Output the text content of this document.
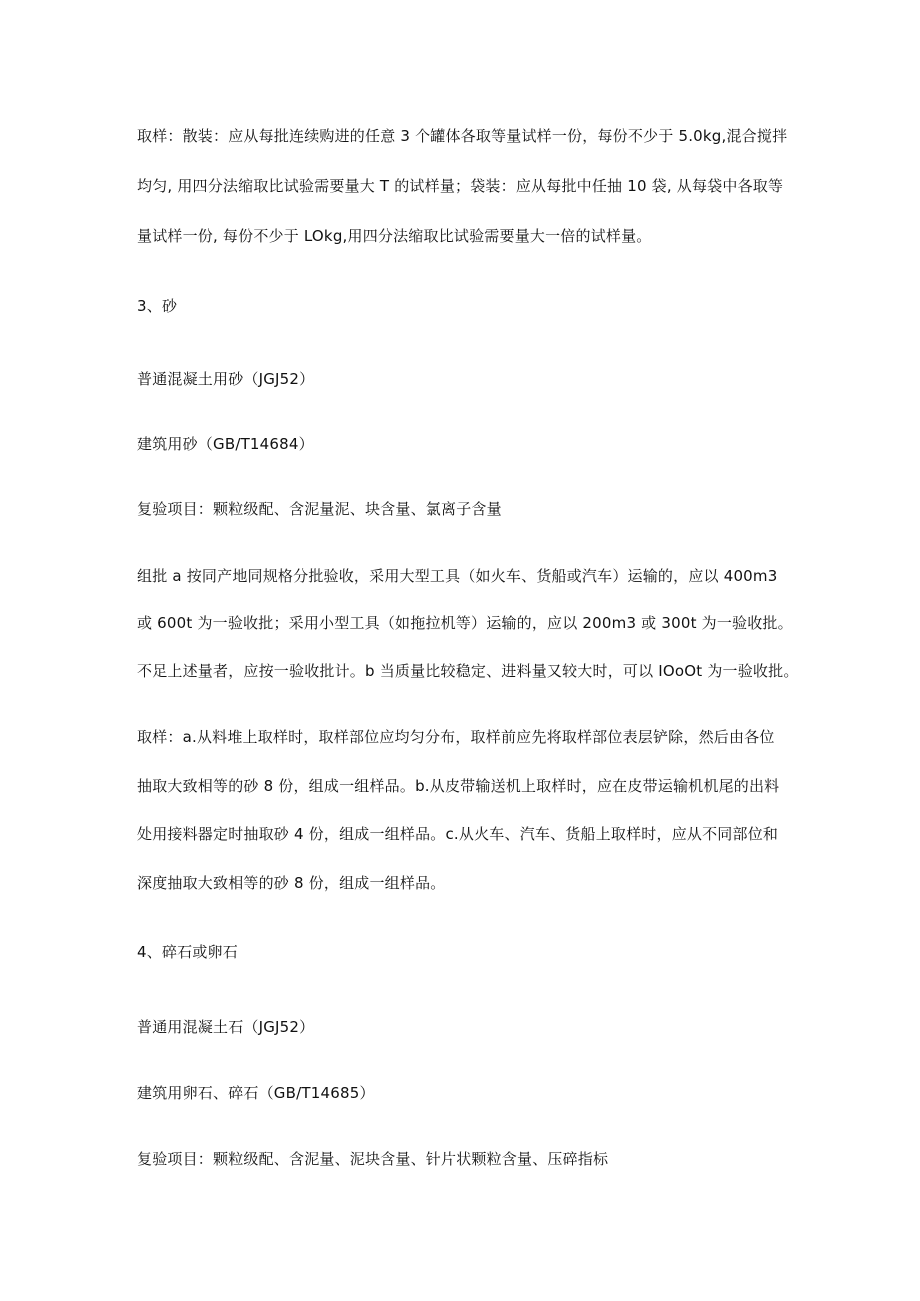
取样：散装：应从每批连续购进的任意 3 个罐体各取等量试样一份，每份不少于 5.0kg,混合搅拌
均匀, 用四分法缩取比试验需要量大 T 的试样量；袋装：应从每批中任抽 10 袋, 从每袋中各取等
量试样一份, 每份不少于 LOkg,用四分法缩取比试验需要量大一倍的试样量。
3、砂
普通混凝土用砂（JGJ52）
建筑用砂（GB/T14684）
复验项目：颗粒级配、含泥量泥、块含量、氯离子含量
组批 a 按同产地同规格分批验收，采用大型工具（如火车、货船或汽车）运输的，应以 400m3
或 600t 为一验收批；采用小型工具（如拖拉机等）运输的，应以 200m3 或 300t 为一验收批。
不足上述量者，应按一验收批计。b 当质量比较稳定、进料量又较大时，可以 IOoOt 为一验收批。
取样：a.从料堆上取样时，取样部位应均匀分布，取样前应先将取样部位表层铲除，然后由各位
抽取大致相等的砂 8 份，组成一组样品。b.从皮带输送机上取样时，应在皮带运输机机尾的出料
处用接料器定时抽取砂 4 份，组成一组样品。c.从火车、汽车、货船上取样时，应从不同部位和
深度抽取大致相等的砂 8 份，组成一组样品。
4、碎石或卵石
普通用混凝土石（JGJ52）
建筑用卵石、碎石（GB/T14685）
复验项目：颗粒级配、含泥量、泥块含量、针片状颗粒含量、压碎指标
